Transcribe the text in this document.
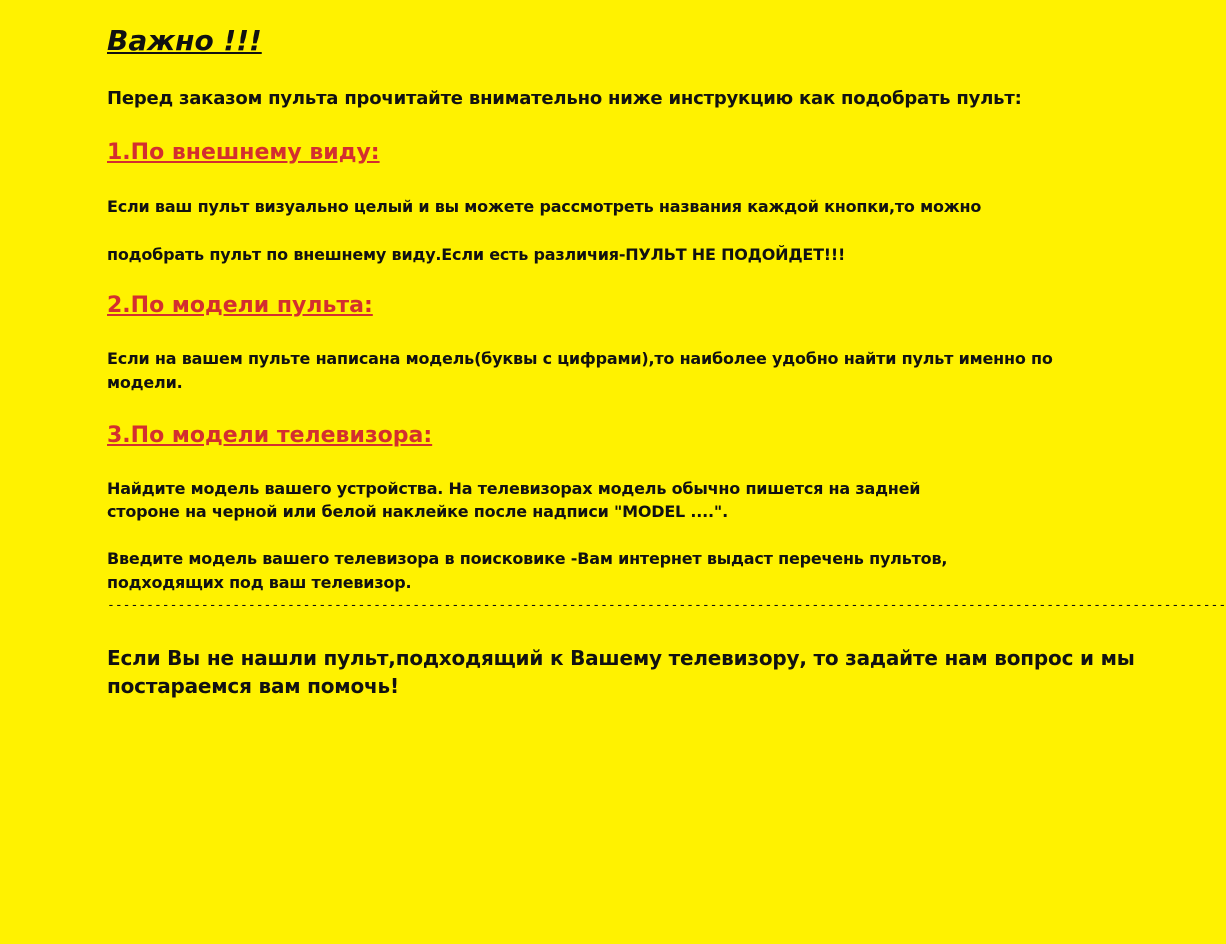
Важно !!!
Перед заказом пульта прочитайте внимательно ниже инструкцию как подобрать пульт:
1.По внешнему виду:
Если ваш пульт визуально целый и вы можете рассмотреть названия каждой кнопки,то можно
подобрать пульт по внешнему виду.Если есть различия-ПУЛЬТ НЕ ПОДОЙДЕТ!!!
2.По модели пульта:
Если на вашем пульте написана модель(буквы с цифрами),то наиболее удобно найти пульт именно по
модели.
3.По модели телевизора:
Найдите модель вашего устройства. На телевизорах модель обычно пишется на задней
стороне на черной или белой наклейке после надписи "MODEL ....".
Введите модель вашего телевизора в поисковике -Вам интернет выдаст перечень пультов,
подходящих под ваш телевизор.
-----------------------------------------------------------------------------------------------------------------------------------------------
Если Вы не нашли пульт,подходящий к Вашему телевизору, то задайте нам вопрос и мы
постараемся вам помочь!
